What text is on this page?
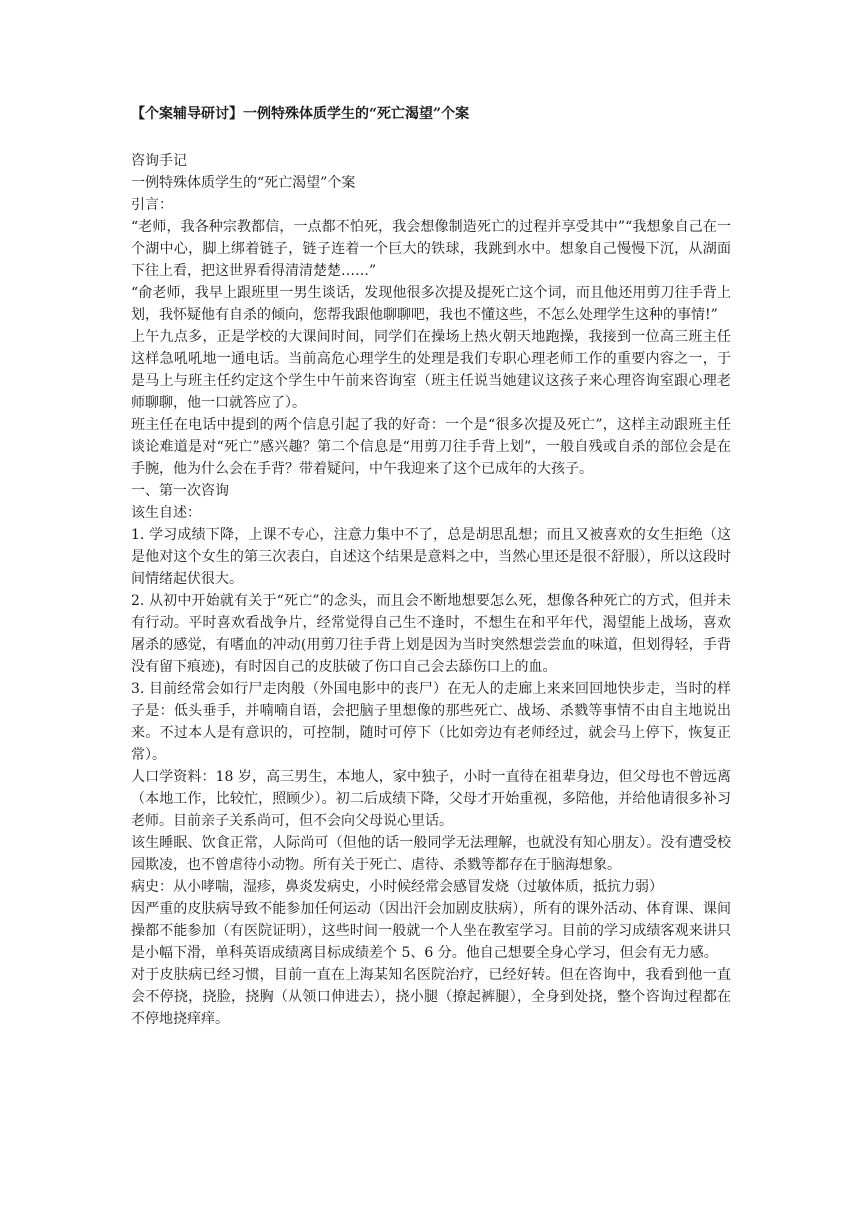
【个案辅导研讨】一例特殊体质学生的“死亡渴望”个案

咨询手记

一例特殊体质学生的“死亡渴望”个案

引言：

“老师，我各种宗教都信，一点都不怕死，我会想像制造死亡的过程并享受其中”“我想象自己在一个湖中心，脚上绑着链子，链子连着一个巨大的铁球，我跳到水中。想象自己慢慢下沉，从湖面下往上看，把这世界看得清清楚楚……”

“俞老师，我早上跟班里一男生谈话，发现他很多次提及提死亡这个词，而且他还用剪刀往手背上划，我怀疑他有自杀的倾向，您帮我跟他聊聊吧，我也不懂这些，不怎么处理学生这种的事情!”

上午九点多，正是学校的大课间时间，同学们在操场上热火朝天地跑操，我接到一位高三班主任这样急吼吼地一通电话。当前高危心理学生的处理是我们专职心理老师工作的重要内容之一，于是马上与班主任约定这个学生中午前来咨询室（班主任说当她建议这孩子来心理咨询室跟心理老师聊聊，他一口就答应了）。

班主任在电话中提到的两个信息引起了我的好奇：一个是“很多次提及死亡”，这样主动跟班主任谈论难道是对“死亡”感兴趣？第二个信息是“用剪刀往手背上划”，一般自残或自杀的部位会是在手腕，他为什么会在手背？带着疑问，中午我迎来了这个已成年的大孩子。

一、第一次咨询

该生自述：

1. 学习成绩下降，上课不专心，注意力集中不了，总是胡思乱想；而且又被喜欢的女生拒绝（这是他对这个女生的第三次表白，自述这个结果是意料之中，当然心里还是很不舒服），所以这段时间情绪起伏很大。

2. 从初中开始就有关于“死亡”的念头，而且会不断地想要怎么死，想像各种死亡的方式，但并未有行动。平时喜欢看战争片，经常觉得自己生不逢时，不想生在和平年代，渴望能上战场，喜欢屠杀的感觉，有嗜血的冲动(用剪刀往手背上划是因为当时突然想尝尝血的味道，但划得轻，手背没有留下痕迹)，有时因自己的皮肤破了伤口自己会去舔伤口上的血。

3. 目前经常会如行尸走肉般（外国电影中的丧尸）在无人的走廊上来来回回地快步走，当时的样子是：低头垂手，并喃喃自语，会把脑子里想像的那些死亡、战场、杀戮等事情不由自主地说出来。不过本人是有意识的，可控制，随时可停下（比如旁边有老师经过，就会马上停下，恢复正常）。

人口学资料：18 岁，高三男生，本地人，家中独子，小时一直待在祖辈身边，但父母也不曾远离（本地工作，比较忙，照顾少）。初二后成绩下降，父母才开始重视，多陪他，并给他请很多补习老师。目前亲子关系尚可，但不会向父母说心里话。

该生睡眠、饮食正常，人际尚可（但他的话一般同学无法理解，也就没有知心朋友）。没有遭受校园欺凌，也不曾虐待小动物。所有关于死亡、虐待、杀戮等都存在于脑海想象。

病史：从小哮喘，湿疹，鼻炎发病史，小时候经常会感冒发烧（过敏体质，抵抗力弱）

因严重的皮肤病导致不能参加任何运动（因出汗会加剧皮肤病），所有的课外活动、体育课、课间操都不能参加（有医院证明），这些时间一般就一个人坐在教室学习。目前的学习成绩客观来讲只是小幅下滑，单科英语成绩离目标成绩差个 5、6 分。他自己想要全身心学习，但会有无力感。

对于皮肤病已经习惯，目前一直在上海某知名医院治疗，已经好转。但在咨询中，我看到他一直会不停挠，挠脸，挠胸（从领口伸进去），挠小腿（撩起裤腿），全身到处挠，整个咨询过程都在不停地挠痒痒。
